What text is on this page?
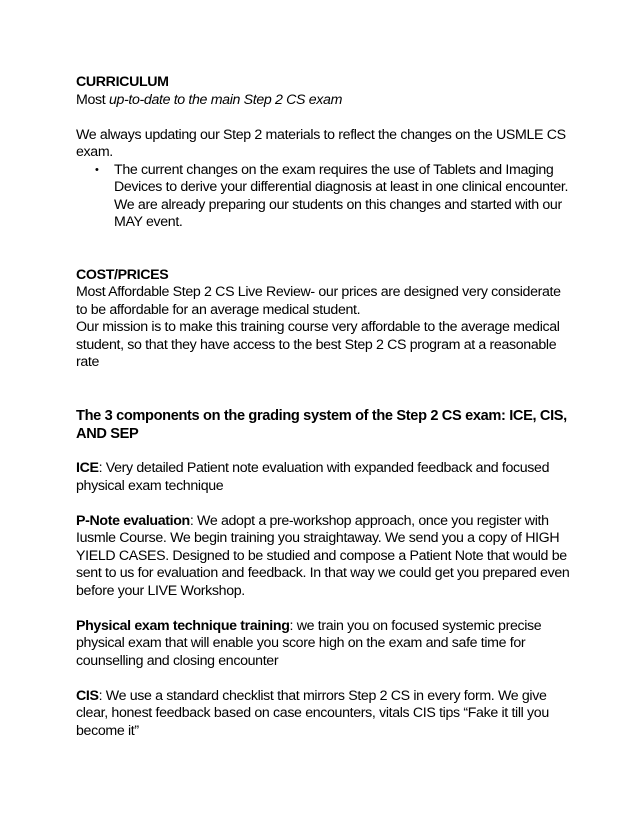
CURRICULUM
Most up-to-date to the main Step 2 CS exam

We always updating our Step 2 materials to reflect the changes on the USMLE CS exam.

• The current changes on the exam requires the use of Tablets and Imaging Devices to derive your differential diagnosis at least in one clinical encounter. We are already preparing our students on this changes and started with our MAY event.
COST/PRICES

Most Affordable Step 2 CS Live Review- our prices are designed very considerate to be affordable for an average medical student.

Our mission is to make this training course very affordable to the average medical student, so that they have access to the best Step 2 CS program at a reasonable rate

The 3 components on the grading system of the Step 2 CS exam: ICE, CIS, AND SEP

ICE: Very detailed Patient note evaluation with expanded feedback and focused physical exam technique

P-Note evaluation: We adopt a pre-workshop approach, once you register with Iusmle Course. We begin training you straightaway. We send you a copy of HIGH YIELD CASES. Designed to be studied and compose a Patient Note that would be sent to us for evaluation and feedback. In that way we could get you prepared even before your LIVE Workshop.

Physical exam technique training: we train you on focused systemic precise physical exam that will enable you score high on the exam and safe time for counselling and closing encounter

CIS: We use a standard checklist that mirrors Step 2 CS in every form. We give clear, honest feedback based on case encounters, vitals CIS tips “Fake it till you become it”
